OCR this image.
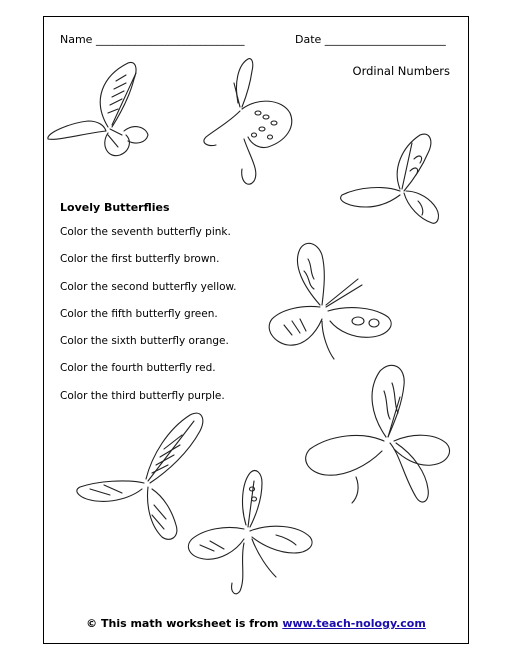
Name ___________________________	Date ______________________
Ordinal Numbers
Lovely Butterflies
Color the seventh butterfly pink.
Color the first butterfly brown.
Color the second butterfly yellow.
Color the fifth butterfly green.
Color the sixth butterfly orange.
Color the fourth butterfly red.
Color the third butterfly purple.
© This math worksheet is from www.teach-nology.com
